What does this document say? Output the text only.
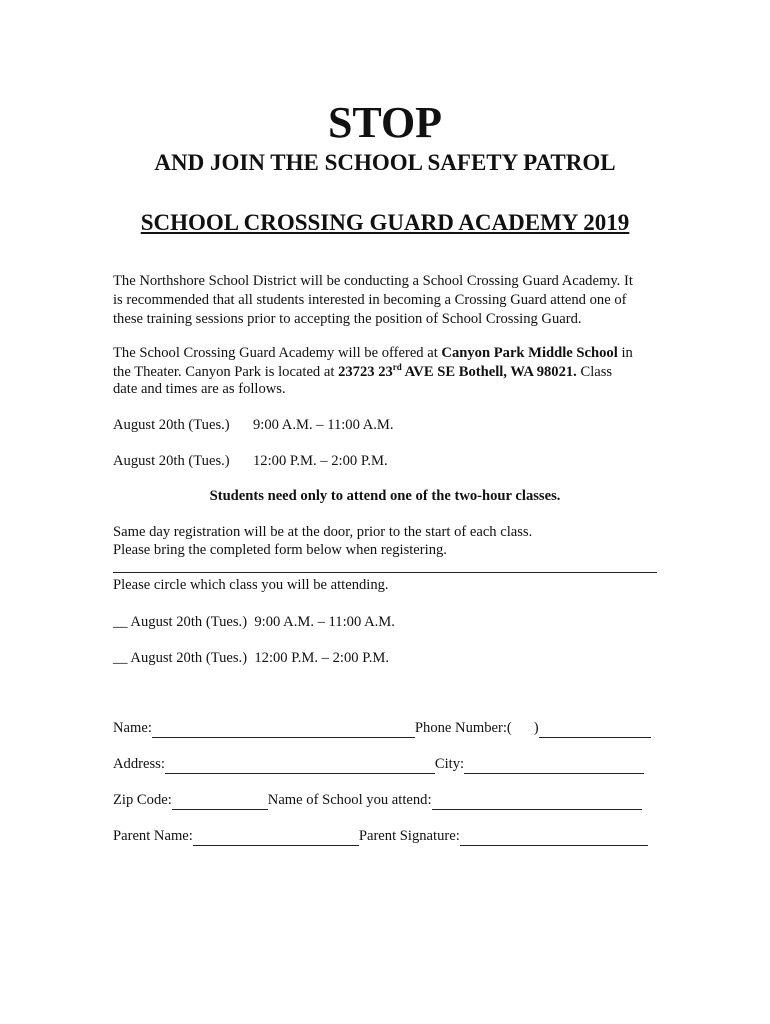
STOP
AND JOIN THE SCHOOL SAFETY PATROL
SCHOOL CROSSING GUARD ACADEMY 2019
The Northshore School District will be conducting a School Crossing Guard Academy. It
is recommended that all students interested in becoming a Crossing Guard attend one of
these training sessions prior to accepting the position of School Crossing Guard.
The School Crossing Guard Academy will be offered at Canyon Park Middle School in
the Theater. Canyon Park is located at 23723 23rd AVE SE Bothell, WA 98021. Class
date and times are as follows.
August 20th (Tues.) 9:00 A.M. – 11:00 A.M.
August 20th (Tues.) 12:00 P.M. – 2:00 P.M.
Students need only to attend one of the two-hour classes.
Same day registration will be at the door, prior to the start of each class.
Please bring the completed form below when registering.
Please circle which class you will be attending.
__ August 20th (Tues.)  9:00 A.M. – 11:00 A.M.
__ August 20th (Tues.)  12:00 P.M. – 2:00 P.M.
Name:	Phone Number:( )
Address:	City:
Zip Code:	Name of School you attend:
Parent Name:	Parent Signature:
